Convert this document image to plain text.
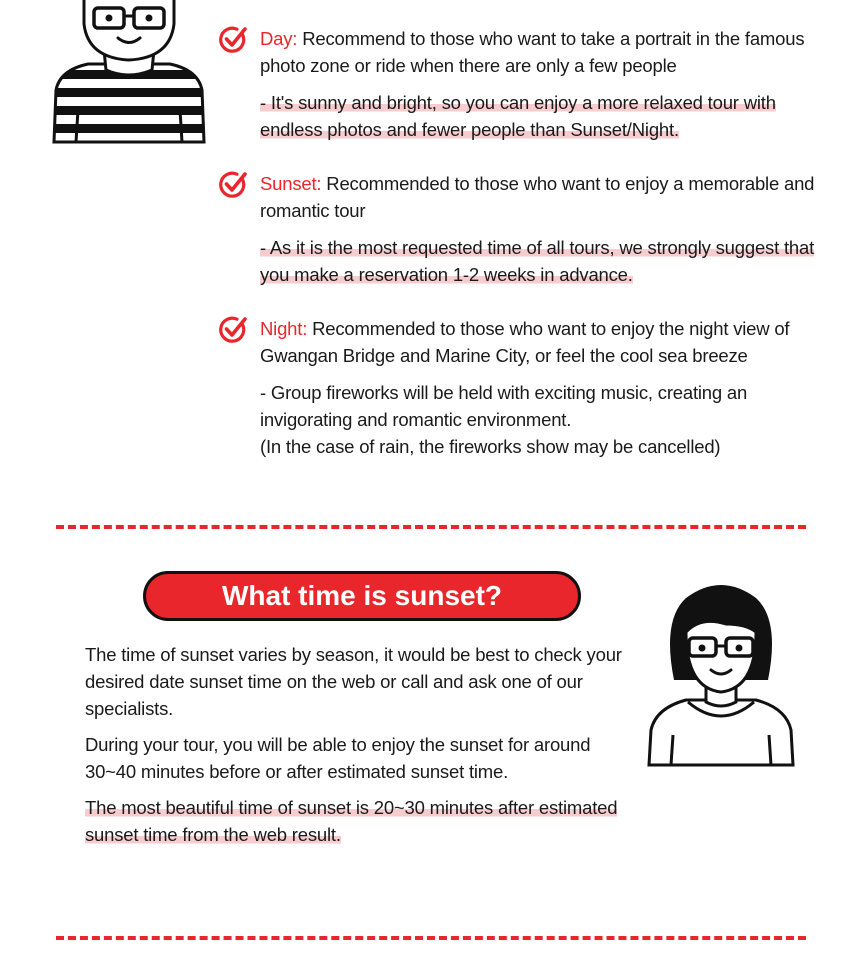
Day: Recommend to those who want to take a portrait in the famous photo zone or ride when there are only a few people

- It's sunny and bright, so you can enjoy a more relaxed tour with endless photos and fewer people than Sunset/Night.

Sunset: Recommended to those who want to enjoy a memorable and romantic tour

- As it is the most requested time of all tours, we strongly suggest that you make a reservation 1-2 weeks in advance.

Night: Recommended to those who want to enjoy the night view of Gwangan Bridge and Marine City, or feel the cool sea breeze

- Group fireworks will be held with exciting music, creating an invigorating and romantic environment.
(In the case of rain, the fireworks show may be cancelled)

What time is sunset?

The time of sunset varies by season, it would be best to check your desired date sunset time on the web or call and ask one of our specialists.

During your tour, you will be able to enjoy the sunset for around 30~40 minutes before or after estimated sunset time.

The most beautiful time of sunset is 20~30 minutes after estimated sunset time from the web result.
